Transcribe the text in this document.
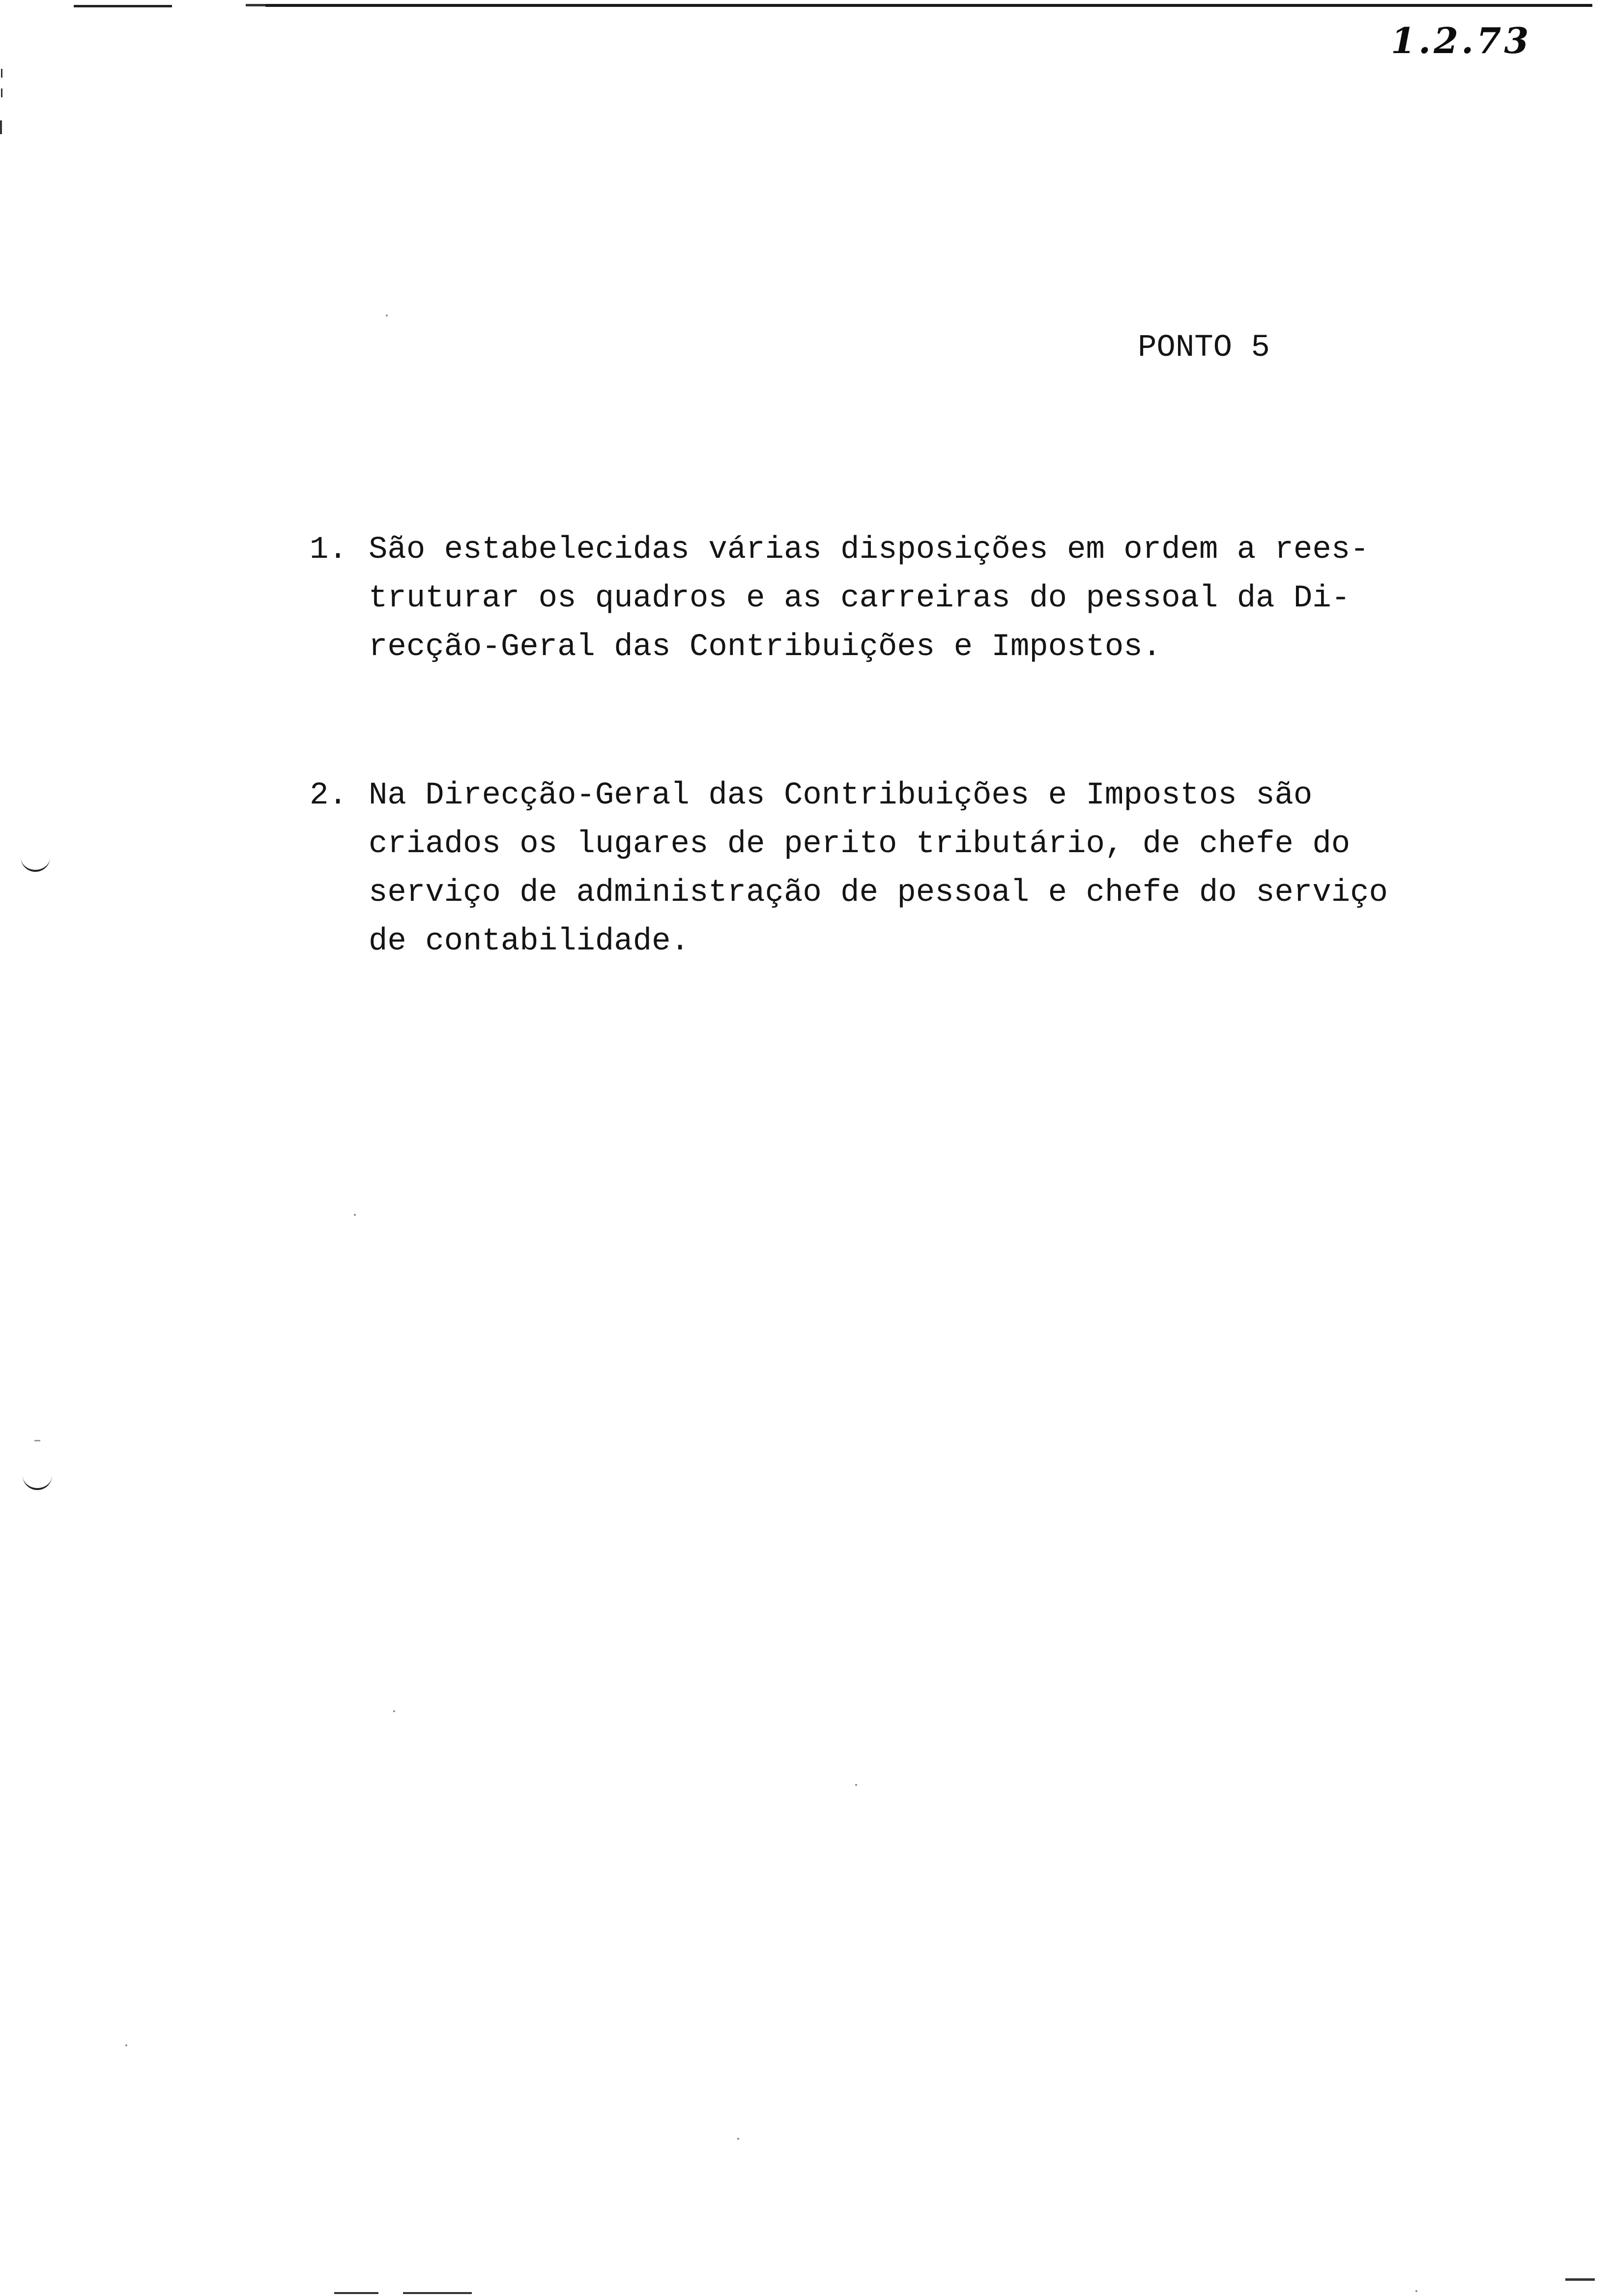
1.2.73
PONTO 5
1. São estabelecidas várias disposições em ordem a rees-
truturar os quadros e as carreiras do pessoal da Di-
recção-Geral das Contribuições e Impostos.
2. Na Direcção-Geral das Contribuições e Impostos são
criados os lugares de perito tributário, de chefe do
serviço de administração de pessoal e chefe do serviço
de contabilidade.
